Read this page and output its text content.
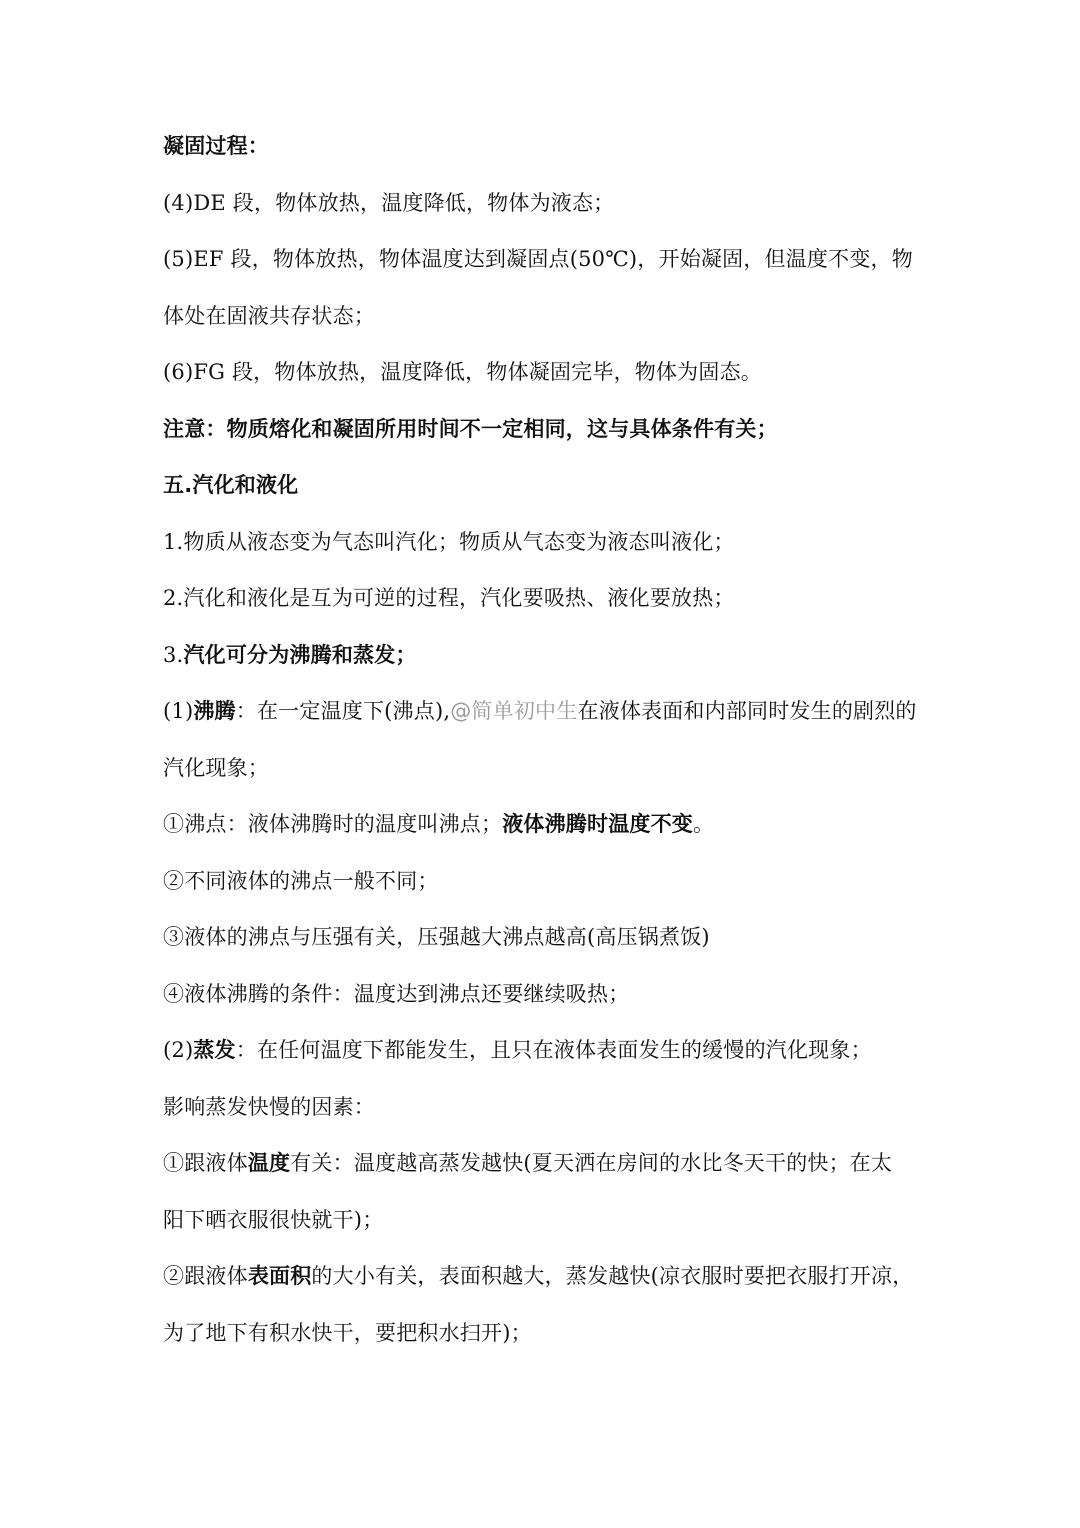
凝固过程：
(4)DE 段，物体放热，温度降低，物体为液态；
(5)EF 段，物体放热，物体温度达到凝固点(50℃)，开始凝固，但温度不变，物
体处在固液共存状态；
(6)FG 段，物体放热，温度降低，物体凝固完毕，物体为固态。
注意：物质熔化和凝固所用时间不一定相同，这与具体条件有关；
五.汽化和液化
1.物质从液态变为气态叫汽化；物质从气态变为液态叫液化；
2.汽化和液化是互为可逆的过程，汽化要吸热、液化要放热；
3.汽化可分为沸腾和蒸发；
(1)沸腾：在一定温度下(沸点),@简单初中生在液体表面和内部同时发生的剧烈的
汽化现象；
①沸点：液体沸腾时的温度叫沸点；液体沸腾时温度不变。
②不同液体的沸点一般不同；
③液体的沸点与压强有关，压强越大沸点越高(高压锅煮饭)
④液体沸腾的条件：温度达到沸点还要继续吸热；
(2)蒸发：在任何温度下都能发生，且只在液体表面发生的缓慢的汽化现象；
影响蒸发快慢的因素：
①跟液体温度有关：温度越高蒸发越快(夏天洒在房间的水比冬天干的快；在太
阳下晒衣服很快就干)；
②跟液体表面积的大小有关，表面积越大，蒸发越快(凉衣服时要把衣服打开凉，
为了地下有积水快干，要把积水扫开)；
